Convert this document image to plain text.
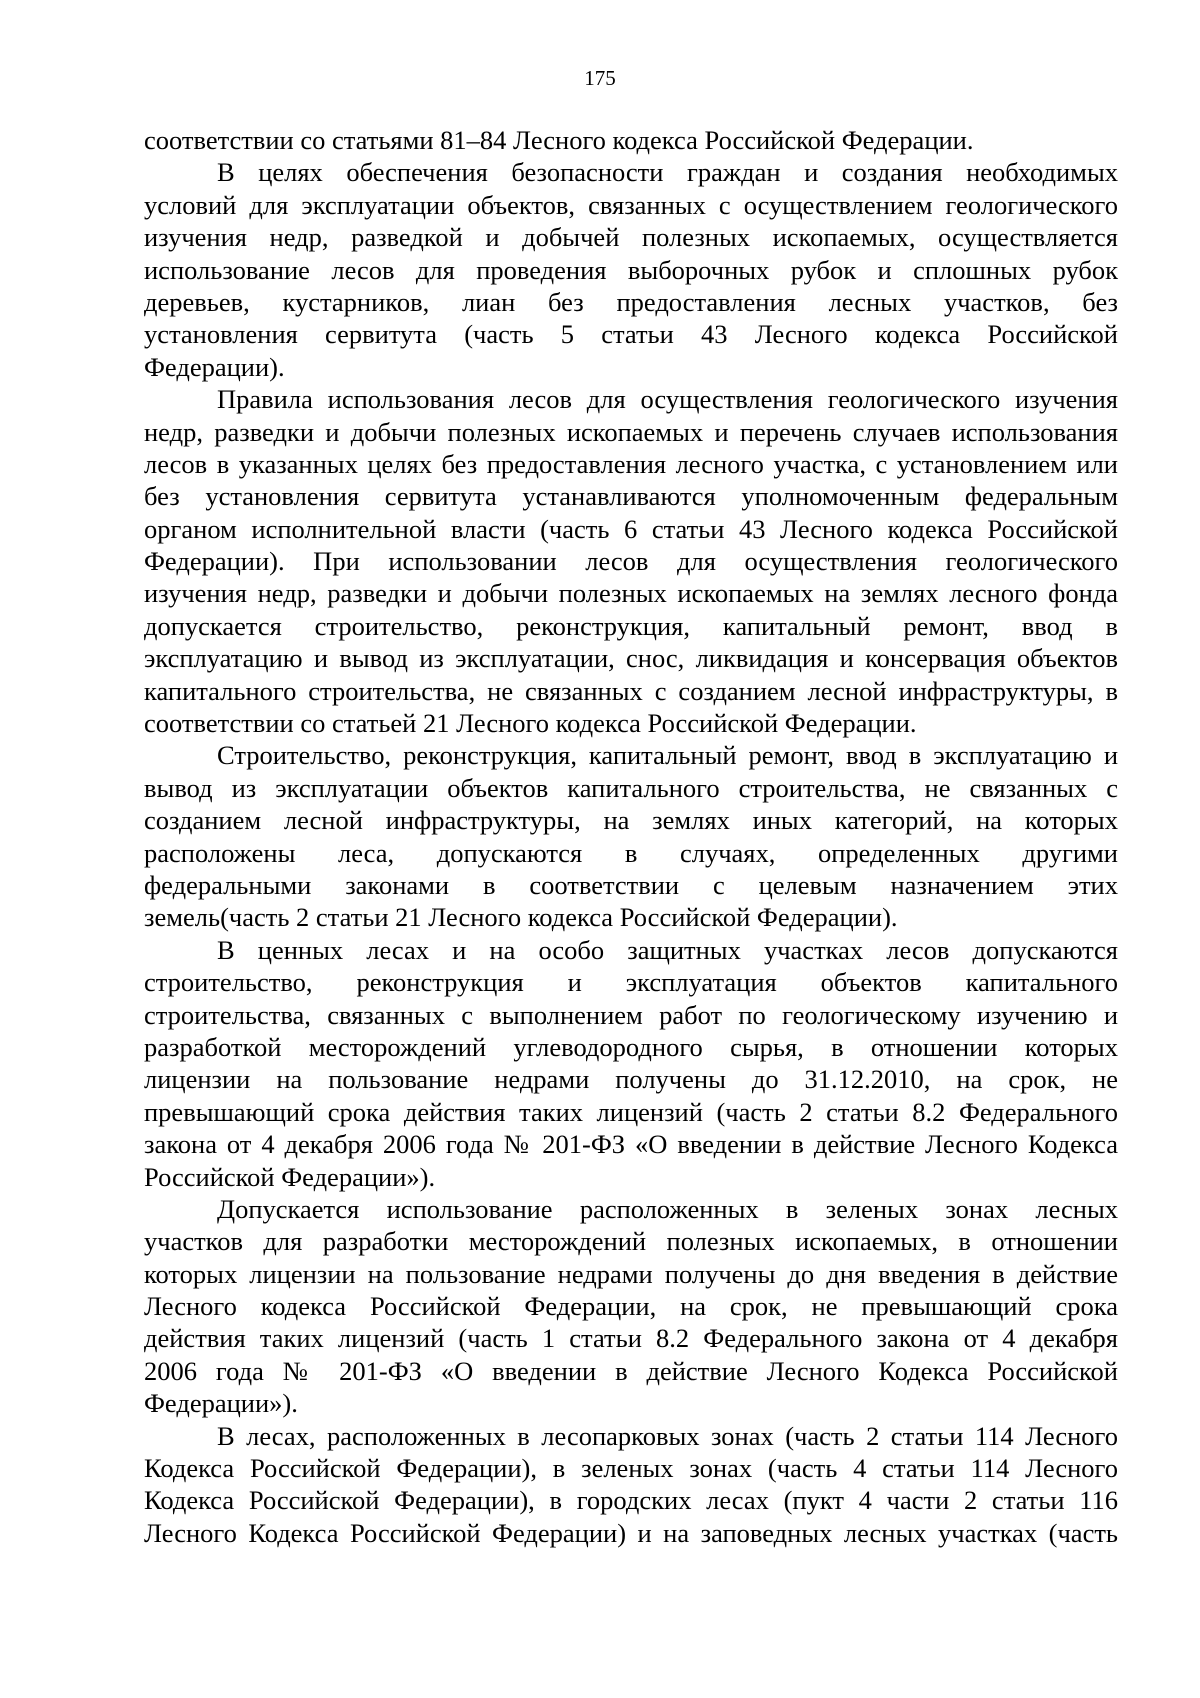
175
соответствии со статьями 81–84 Лесного кодекса Российской Федерации.
В целях обеспечения безопасности граждан и создания необходимых
условий для эксплуатации объектов, связанных с осуществлением геологического
изучения недр, разведкой и добычей полезных ископаемых, осуществляется
использование лесов для проведения выборочных рубок и сплошных рубок
деревьев, кустарников, лиан без предоставления лесных участков, без
установления сервитута (часть 5 статьи 43 Лесного кодекса Российской
Федерации).
Правила использования лесов для осуществления геологического изучения
недр, разведки и добычи полезных ископаемых и перечень случаев использования
лесов в указанных целях без предоставления лесного участка, с установлением или
без установления сервитута устанавливаются уполномоченным федеральным
органом исполнительной власти (часть 6 статьи 43 Лесного кодекса Российской
Федерации). При использовании лесов для осуществления геологического
изучения недр, разведки и добычи полезных ископаемых на землях лесного фонда
допускается строительство, реконструкция, капитальный ремонт, ввод в
эксплуатацию и вывод из эксплуатации, снос, ликвидация и консервация объектов
капитального строительства, не связанных с созданием лесной инфраструктуры, в
соответствии со статьей 21 Лесного кодекса Российской Федерации.
Строительство, реконструкция, капитальный ремонт, ввод в эксплуатацию и
вывод из эксплуатации объектов капитального строительства, не связанных с
созданием лесной инфраструктуры, на землях иных категорий, на которых
расположены леса, допускаются в случаях, определенных другими
федеральными законами в соответствии с целевым назначением этих
земель(часть 2 статьи 21 Лесного кодекса Российской Федерации).
В ценных лесах и на особо защитных участках лесов допускаются
строительство, реконструкция и эксплуатация объектов капитального
строительства, связанных с выполнением работ по геологическому изучению и
разработкой месторождений углеводородного сырья, в отношении которых
лицензии на пользование недрами получены до 31.12.2010, на срок, не
превышающий срока действия таких лицензий (часть 2 статьи 8.2 Федерального
закона от 4 декабря 2006 года № 201-ФЗ «О введении в действие Лесного Кодекса
Российской Федерации»).
Допускается использование расположенных в зеленых зонах лесных
участков для разработки месторождений полезных ископаемых, в отношении
которых лицензии на пользование недрами получены до дня введения в действие
Лесного кодекса Российской Федерации, на срок, не превышающий срока
действия таких лицензий (часть 1 статьи 8.2 Федерального закона от 4 декабря
2006 года № 201-ФЗ «О введении в действие Лесного Кодекса Российской
Федерации»).
В лесах, расположенных в лесопарковых зонах (часть 2 статьи 114 Лесного
Кодекса Российской Федерации), в зеленых зонах (часть 4 статьи 114 Лесного
Кодекса Российской Федерации), в городских лесах (пукт 4 части 2 статьи 116
Лесного Кодекса Российской Федерации) и на заповедных лесных участках (часть
